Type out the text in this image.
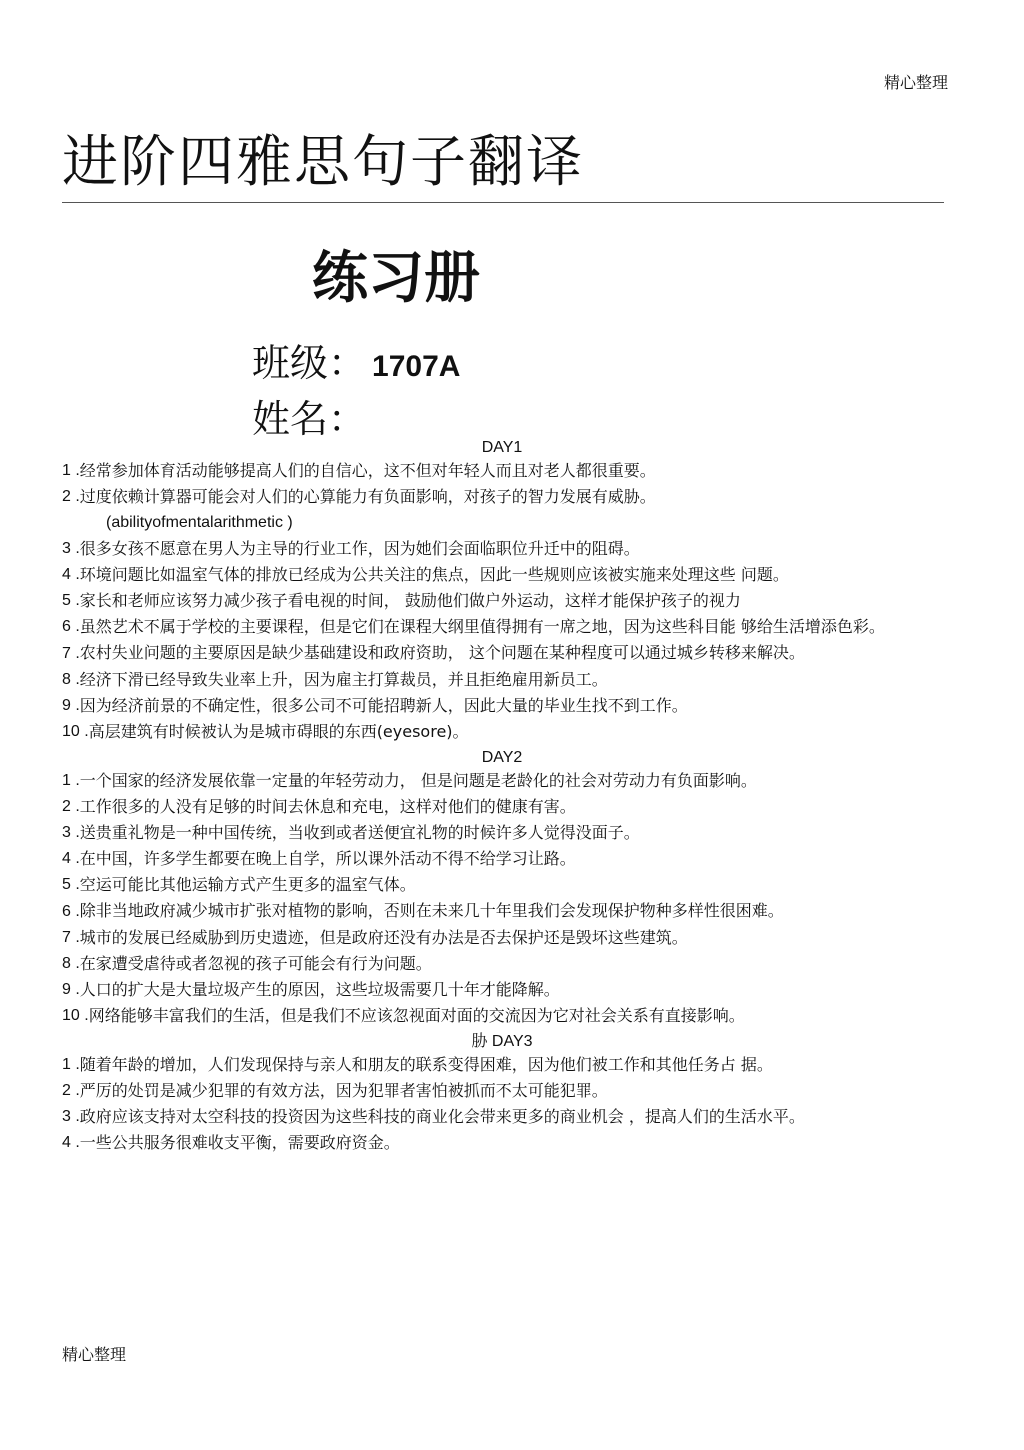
精心整理
进阶四雅思句子翻译
练习册
班级： 1707A
姓名：

DAY1

1 . 经常参加体育活动能够提高人们的自信心，这不但对年轻人而且对老人都很重要。
2 . 过度依赖计算器可能会对人们的心算能力有负面影响，对孩子的智力发展有威胁。
(abilityofmentalarithmetic )
3 . 很多女孩不愿意在男人为主导的行业工作，因为她们会面临职位升迁中的阻碍。
4 . 环境问题比如温室气体的排放已经成为公共关注的焦点，因此一些规则应该被实施来处理这些 问题。
5 . 家长和老师应该努力减少孩子看电视的时间， 鼓励他们做户外运动，这样才能保护孩子的视力
6 . 虽然艺术不属于学校的主要课程，但是它们在课程大纲里值得拥有一席之地，因为这些科目能 够给生活增添色彩。
7 .农村失业问题的主要原因是缺少基础建设和政府资助， 这个问题在某种程度可以通过城乡转移来解决。
8 . 经济下滑已经导致失业率上升，因为雇主打算裁员，并且拒绝雇用新员工。
9 . 因为经济前景的不确定性，很多公司不可能招聘新人，因此大量的毕业生找不到工作。
10 . 高层建筑有时候被认为是城市碍眼的东西(eyesore)。

DAY2

1 . 一个国家的经济发展依靠一定量的年轻劳动力， 但是问题是老龄化的社会对劳动力有负面影响。
2 . 工作很多的人没有足够的时间去休息和充电，这样对他们的健康有害。
3 . 送贵重礼物是一种中国传统，当收到或者送便宜礼物的时候许多人觉得没面子。
4 . 在中国，许多学生都要在晚上自学，所以课外活动不得不给学习让路。
5 . 空运可能比其他运输方式产生更多的温室气体。
6 .除非当地政府减少城市扩张对植物的影响，否则在未来几十年里我们会发现保护物种多样性很困难。
7 . 城市的发展已经威胁到历史遗迹，但是政府还没有办法是否去保护还是毁坏这些建筑。
8 . 在家遭受虐待或者忽视的孩子可能会有行为问题。
9 . 人口的扩大是大量垃圾产生的原因，这些垃圾需要几十年才能降解。
10 . 网络能够丰富我们的生活，但是我们不应该忽视面对面的交流因为它对社会关系有直接影响。

胁 DAY3

1 . 随着年龄的增加，人们发现保持与亲人和朋友的联系变得困难，因为他们被工作和其他任务占 据。
2 . 严厉的处罚是减少犯罪的有效方法，因为犯罪者害怕被抓而不太可能犯罪。
3 . 政府应该支持对太空科技的投资因为这些科技的商业化会带来更多的商业机会 ，提高人们的生活水平。
4 . 一些公共服务很难收支平衡，需要政府资金。
精心整理
